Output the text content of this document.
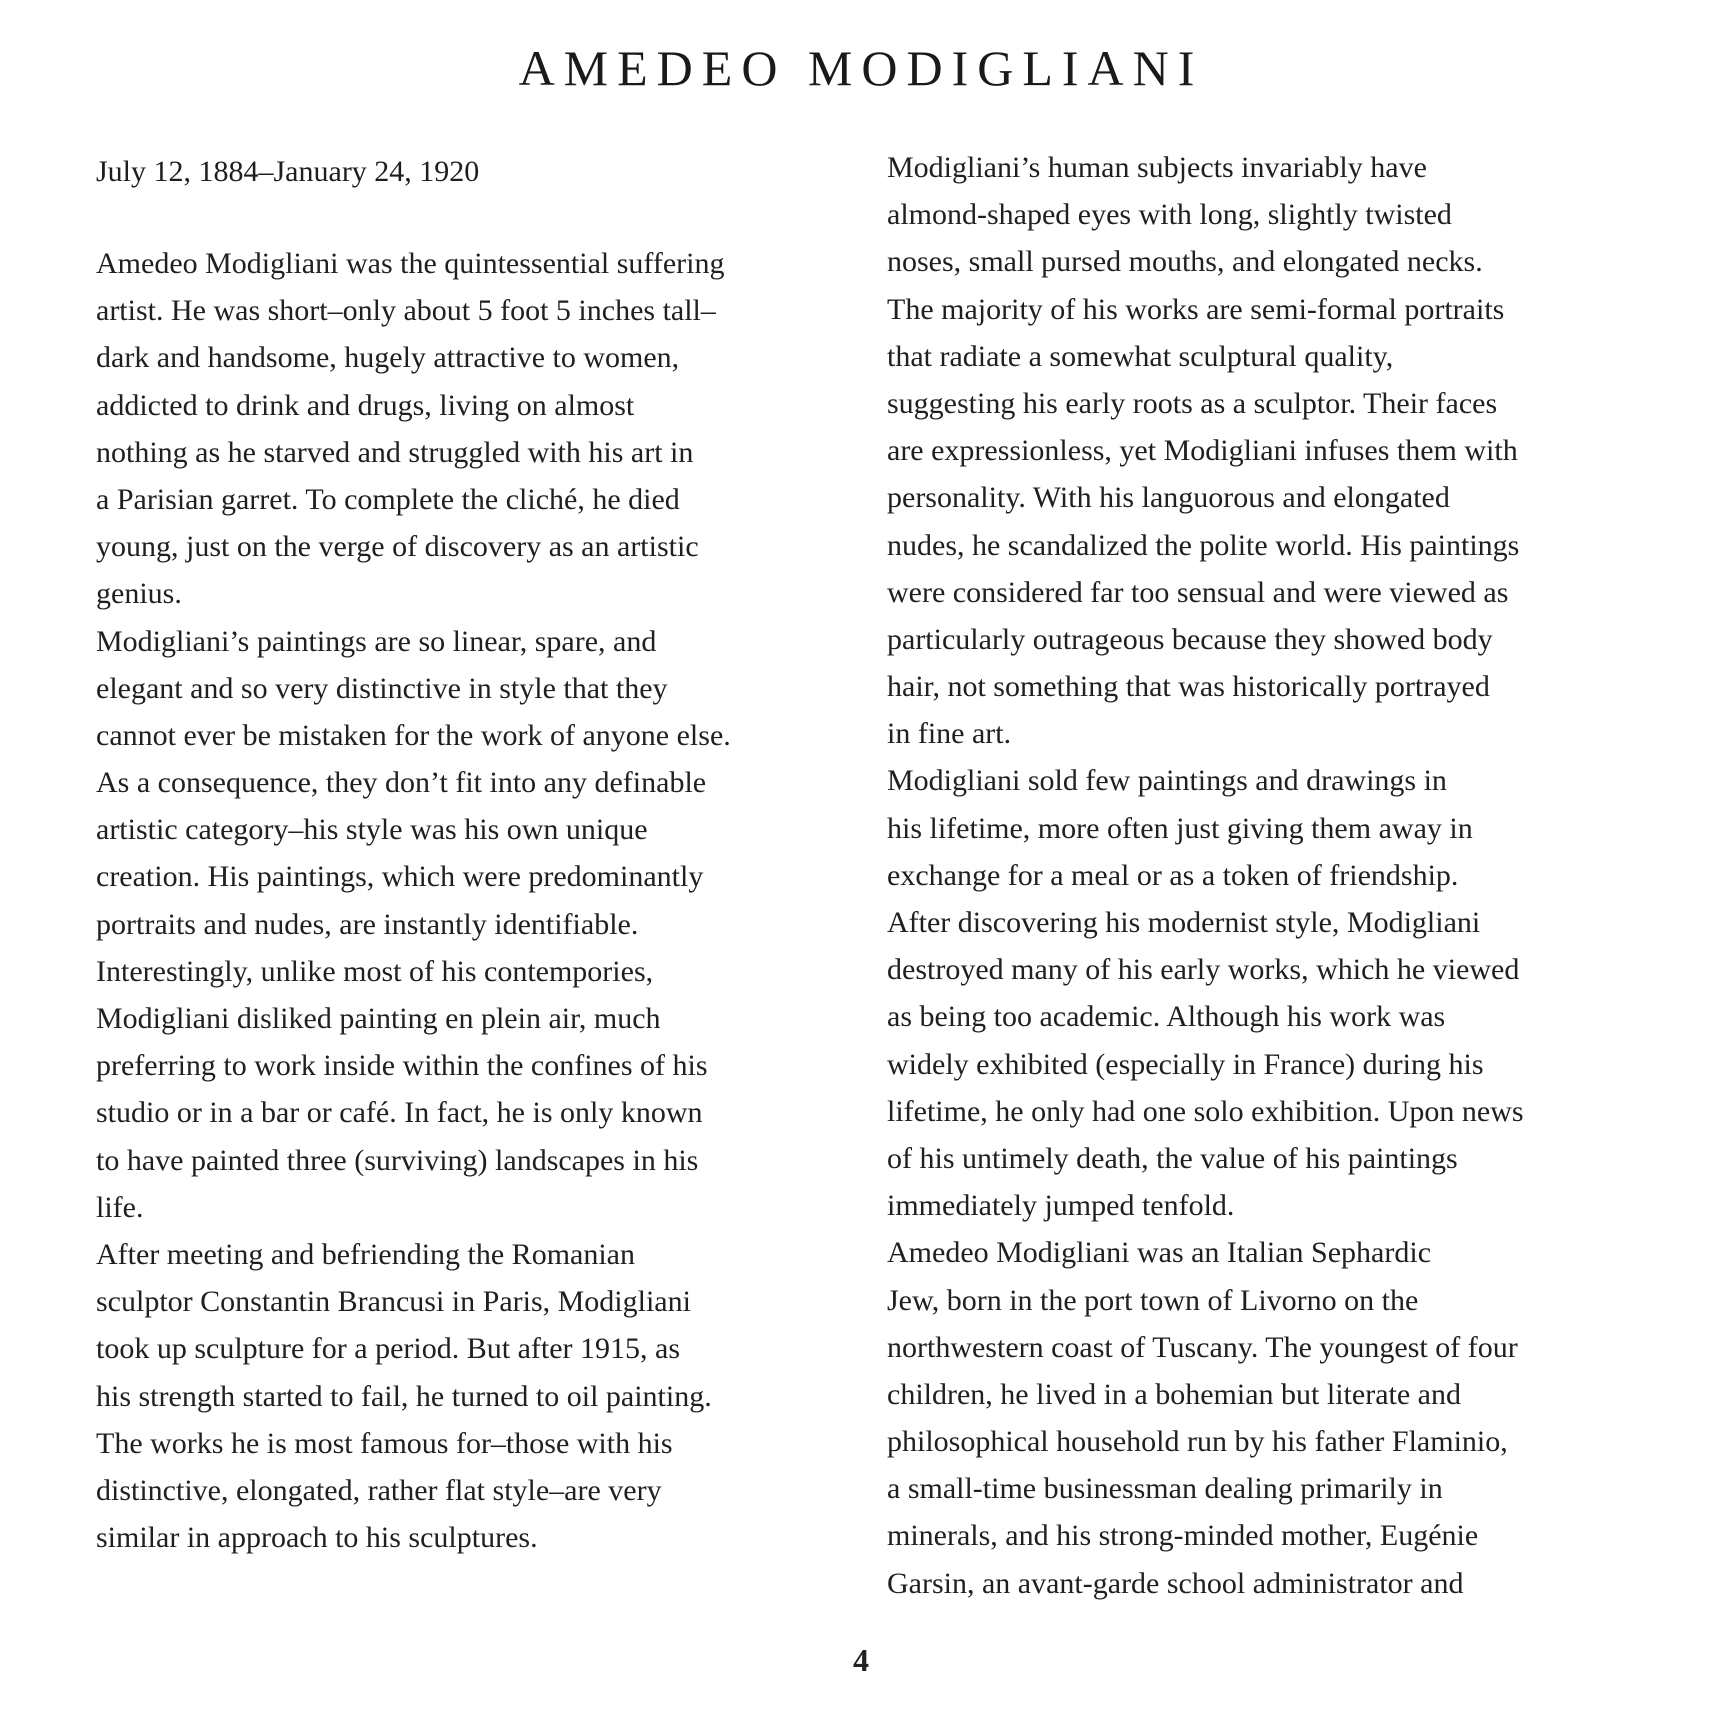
AMEDEO MODIGLIANI
July 12, 1884–January 24, 1920
Amedeo Modigliani was the quintessential suffering
artist. He was short–only about 5 foot 5 inches tall–
dark and handsome, hugely attractive to women,
addicted to drink and drugs, living on almost
nothing as he starved and struggled with his art in
a Parisian garret. To complete the cliché, he died
young, just on the verge of discovery as an artistic
genius.
Modigliani’s paintings are so linear, spare, and
elegant and so very distinctive in style that they
cannot ever be mistaken for the work of anyone else.
As a consequence, they don’t fit into any definable
artistic category–his style was his own unique
creation. His paintings, which were predominantly
portraits and nudes, are instantly identifiable.
Interestingly, unlike most of his contempories,
Modigliani disliked painting en plein air, much
preferring to work inside within the confines of his
studio or in a bar or café. In fact, he is only known
to have painted three (surviving) landscapes in his
life.
After meeting and befriending the Romanian
sculptor Constantin Brancusi in Paris, Modigliani
took up sculpture for a period. But after 1915, as
his strength started to fail, he turned to oil painting.
The works he is most famous for–those with his
distinctive, elongated, rather flat style–are very
similar in approach to his sculptures.
Modigliani’s human subjects invariably have
almond-shaped eyes with long, slightly twisted
noses, small pursed mouths, and elongated necks.
The majority of his works are semi-formal portraits
that radiate a somewhat sculptural quality,
suggesting his early roots as a sculptor. Their faces
are expressionless, yet Modigliani infuses them with
personality. With his languorous and elongated
nudes, he scandalized the polite world. His paintings
were considered far too sensual and were viewed as
particularly outrageous because they showed body
hair, not something that was historically portrayed
in fine art.
Modigliani sold few paintings and drawings in
his lifetime, more often just giving them away in
exchange for a meal or as a token of friendship.
After discovering his modernist style, Modigliani
destroyed many of his early works, which he viewed
as being too academic. Although his work was
widely exhibited (especially in France) during his
lifetime, he only had one solo exhibition. Upon news
of his untimely death, the value of his paintings
immediately jumped tenfold.
Amedeo Modigliani was an Italian Sephardic
Jew, born in the port town of Livorno on the
northwestern coast of Tuscany. The youngest of four
children, he lived in a bohemian but literate and
philosophical household run by his father Flaminio,
a small-time businessman dealing primarily in
minerals, and his strong-minded mother, Eugénie
Garsin, an avant-garde school administrator and
4
